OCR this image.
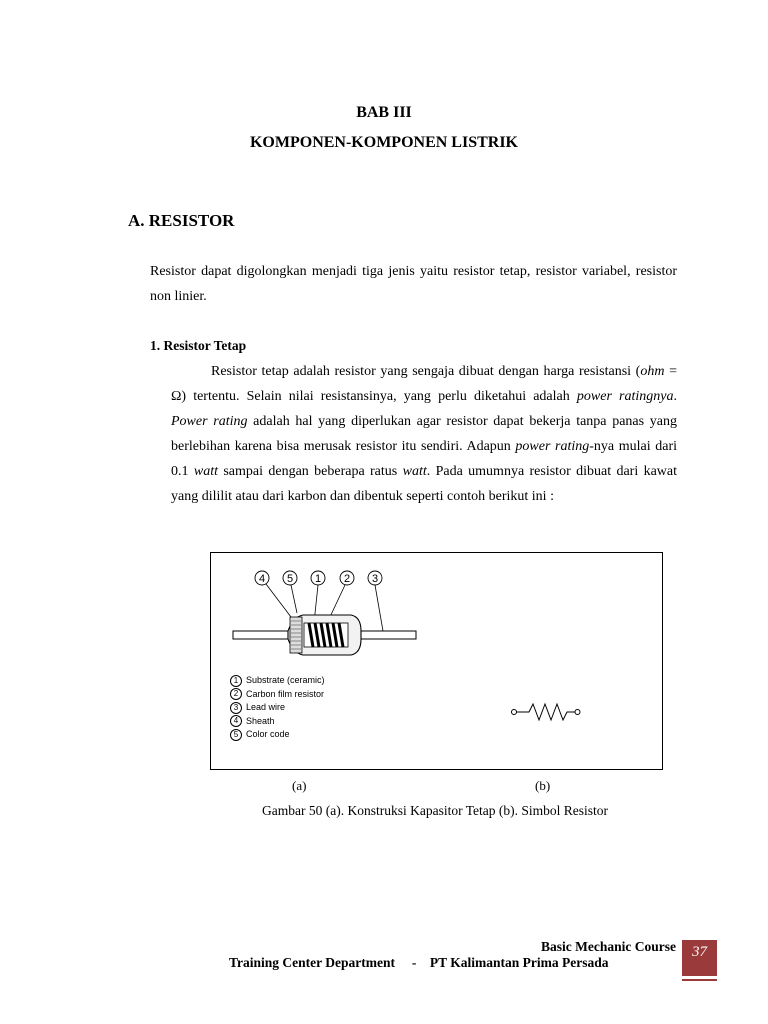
BAB III
KOMPONEN-KOMPONEN LISTRIK
A. RESISTOR
Resistor dapat digolongkan menjadi tiga jenis yaitu resistor tetap, resistor variabel, resistor non linier.
1. Resistor Tetap
Resistor tetap adalah resistor yang sengaja dibuat dengan harga resistansi (ohm = Ω) tertentu. Selain nilai resistansinya, yang perlu diketahui adalah power ratingnya. Power rating adalah hal yang diperlukan agar resistor dapat bekerja tanpa panas yang berlebihan karena bisa merusak resistor itu sendiri. Adapun power rating-nya mulai dari 0.1 watt sampai dengan beberapa ratus watt. Pada umumnya resistor dibuat dari kawat yang dililit atau dari karbon dan dibentuk seperti contoh berikut ini :
4 5 1 2 3
1 Substrate (ceramic)
2 Carbon film resistor
3 Lead wire
4 Sheath
5 Color code
(a)	(b)
Gambar 50 (a). Konstruksi Kapasitor Tetap (b). Simbol Resistor
Basic Mechanic Course
Training Center Department - PT Kalimantan Prima Persada
37
